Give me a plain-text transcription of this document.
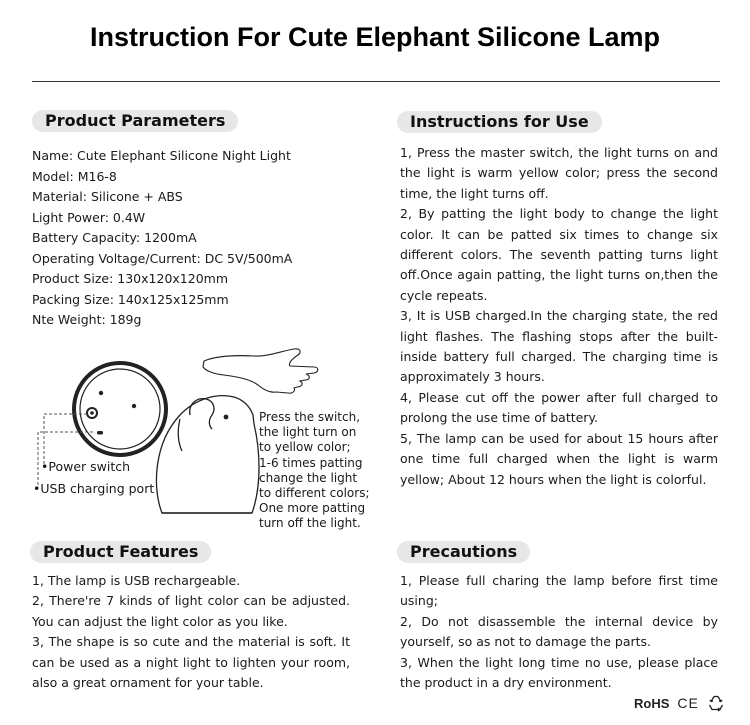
Instruction For Cute Elephant Silicone Lamp
Product Parameters
Name: Cute Elephant Silicone Night Light
Model: M16-8
Material: Silicone + ABS
Light Power: 0.4W
Battery Capacity: 1200mA
Operating Voltage/Current: DC 5V/500mA
Product Size: 130x120x120mm
Packing Size: 140x125x125mm
Nte Weight: 189g
Instructions for Use

1, Press the master switch, the light turns on and the light is warm yellow color; press the second time, the light turns off.

2, By patting the light body to change the light color. It can be patted six times to change six different colors. The seventh patting turns light off.Once again patting, the light turns on,then the cycle repeats.

3, It is USB charged.In the charging state, the red light flashes. The flashing stops after the built-inside battery full charged. The charging time is approximately 3 hours.

4, Please cut off the power after full charged to prolong the use time of battery.

5, The lamp can be used for about 15 hours after one time full charged when the light is warm yellow; About 12 hours when the light is colorful.

•Power switch
•USB charging port
Press the switch,
the light turn on
to yellow color;
1-6 times patting
change the light
to different colors;
One more patting
turn off the light.
Product Features

1, The lamp is USB rechargeable.

2, There're 7 kinds of light color can be adjusted. You can adjust the light color as you like.

3, The shape is so cute and the material is soft. It can be used as a night light to lighten your room, also a great ornament for your table.

Precautions

1, Please full charing the lamp before first time using;

2, Do not disassemble the internal device by yourself, so as not to damage the parts.

3, When the light long time no use, please place the product in a dry environment.

RoHS CE
